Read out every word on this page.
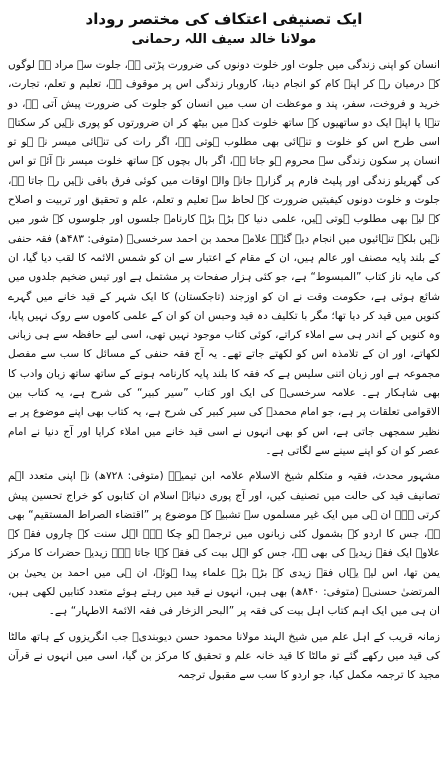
ایک تصنیفی اعتکاف کی مختصر روداد
مولانا خالد سیف اللہ رحمانی

انسان کو اپنی زندگی میں جلوت اور خلوت دونوں کی ضرورت پڑتی ہے، جلوت سے مراد ہے لوگوں کے درمیان رہ کر اپنے کام کو انجام دینا، کاروبار زندگی اس پر موقوف ہے، تعلیم و تعلم، تجارت، خرید و فروخت، سفر، پند و موعظت ان سب میں انسان کو جلوت کی ضرورت پیش آتی ہے، دو تنہا یا اپنے ایک دو ساتھیوں کے ساتھ خلوت کدہ میں بیٹھ کر ان ضرورتوں کو پوری نہیں کر سکتا۔ اسی طرح اس کو خلوت و تنہائی بھی مطلوب ہوتی ہے، اگر رات کی تنہائی میسر نہ ہو تو انسان پر سکون زندگی سے محروم ہو جاتا ہے، اگر بال بچوں کے ساتھ خلوت میسر نہ آئے تو اس کی گھریلو زندگی اور پلیٹ فارم پر گزارے جانے والے اوقات میں کوئی فرق باقی نہیں رہ جاتا ہے، جلوت و خلوت دونوں کیفیتیں ضرورت کے لحاظ سے تعلیم و تعلم، علم و تحقیق اور تربیت و اصلاح کے لیے بھی مطلوب ہوتی ہیں، علمی دنیا کے بڑے بڑے کارنامے جلسوں اور جلوسوں کے شور میں نہیں بلکہ تنہائیوں میں انجام دیے گئے۔ علامہ محمد بن احمد سرخسیؒ (متوفی: ۴۸۳ھ) فقہ حنفی کے بلند پایہ مصنف اور عالم ہیں، ان کے مقام کے اعتبار سے ان کو شمس الائمہ کا لقب دیا گیا، ان کی مایہ ناز کتاب ”المبسوط“ ہے، جو کئی ہزار صفحات پر مشتمل ہے اور تیس ضخیم جلدوں میں شائع ہوئی ہے، حکومت وقت نے ان کو اوزجند (تاجکستان) کا ایک شہر کے قید خانے میں گہرے کنویں میں قید کر دیا تھا؛ مگر با تکلیف دہ قید وحبس ان کو ان کے علمی کاموں سے روک نہیں پایا، وہ کنویں کے اندر ہی سے املاء کراتے، کوئی کتاب موجود نہیں تھی، اسی لیے حافظہ سے ہی زبانی لکھاتے، اور ان کے تلامذہ اس کو لکھتے جاتے تھے۔ یہ آج فقہ حنفی کے مسائل کا سب سے مفصل مجموعہ ہے اور زبان اتنی سلیس ہے کہ فقہ کا بلند پایہ کارنامہ ہونے کے ساتھ ساتھ زبان وادب کا بھی شاہکار ہے۔ علامہ سرخسیؒ کی ایک اور کتاب ”سیر کبیر“ کی شرح ہے، یہ کتاب بین الاقوامی تعلقات پر ہے، جو امام محمدؒ کی سیر کبیر کی شرح ہے، یہ کتاب بھی اپنے موضوع پر بے نظیر سمجھی جاتی ہے، اس کو بھی انہوں نے اسی قید خانے میں املاء کرایا اور آج دنیا نے امام عصر کو ان کو اپنے سینے سے لگاتی ہے۔

مشہور محدث، فقیہ و متکلم شیخ الاسلام علامہ ابن تیمیہؒ (متوفی: ۷۲۸ھ) نے اپنی متعدد اہم تصانیف قید کی حالت میں تصنیف کیں، اور آج پوری دنیائے اسلام ان کتابوں کو خراج تحسین پیش کرتی ہے۔ ان ہی میں ایک غیر مسلموں سے تشبیہ کے موضوع پر ”اقتضاء الصراط المستقیم“ بھی ہے، جس کا اردو کے بشمول کئی زبانوں میں ترجمہ ہو چکا ہے۔ اہل سنت کے چاروں فقہ کے علاوہ ایک فقہ زیدیہ کی بھی ہے، جس کو اہل بیت کی فقہ کہا جاتا ہے۔ زیدیہ حضرات کا مرکز یمن تھا، اس لیے یہاں فقہ زیدی کے بڑے بڑے علماء پیدا ہوئے، ان ہی میں احمد بن یحییٰ بن المرتضیٰ حسنیؒ (متوفی: ۸۴۰ھ) بھی ہیں، انہوں نے قید میں رہتے ہوئے متعدد کتابیں لکھی ہیں، ان ہی میں ایک اہم کتاب اہل بیت کی فقہ پر ”البحر الزخار فی فقہ الائمۃ الاطہار“ ہے۔

زمانہ قریب کے اہل علم میں شیخ الہند مولانا محمود حسن دیوبندیؒ جب انگریزوں کے ہاتھ مالٹا کی قید میں رکھے گئے تو مالٹا کا قید خانہ علم و تحقیق کا مرکز بن گیا، اسی میں انہوں نے قرآن مجید کا ترجمہ مکمل کیا، جو اردو کا سب سے مقبول ترجمہ
